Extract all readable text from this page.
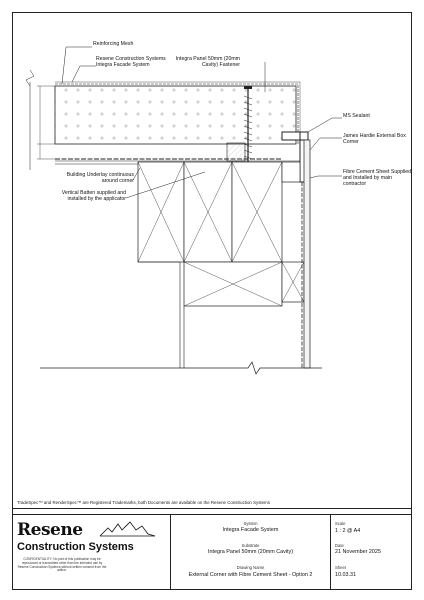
Reinforcing Mesh
Resene Construction Systems Integra Facade System
Integra Panel 50mm (20mm Cavity) Fastener
MS Sealant
James Hardie External Box Corner
Building Underlay continuous around corner
Vertical Batten supplied and installed by the applicator
Fibre Cement Sheet Supplied and Installed by main contractor
TradeSpec™ and RenderSpec™ are Registered Trademarks, both Documents are available on the Resene Construction Systems
Resene
Construction Systems
CONFIDENTIALITY: No part of this publication may be reproduced or transmitted other than the intended use by Resene Construction Systems without written consent from the author.
System
Integra Facade System
Substrate
Integra Panel 50mm (20mm Cavity)
Drawing Name
External Corner with Fibre Cement Sheet - Option 2
Scale
1 : 2 @ A4
Date
21 November 2025
Sheet
10.03.31
